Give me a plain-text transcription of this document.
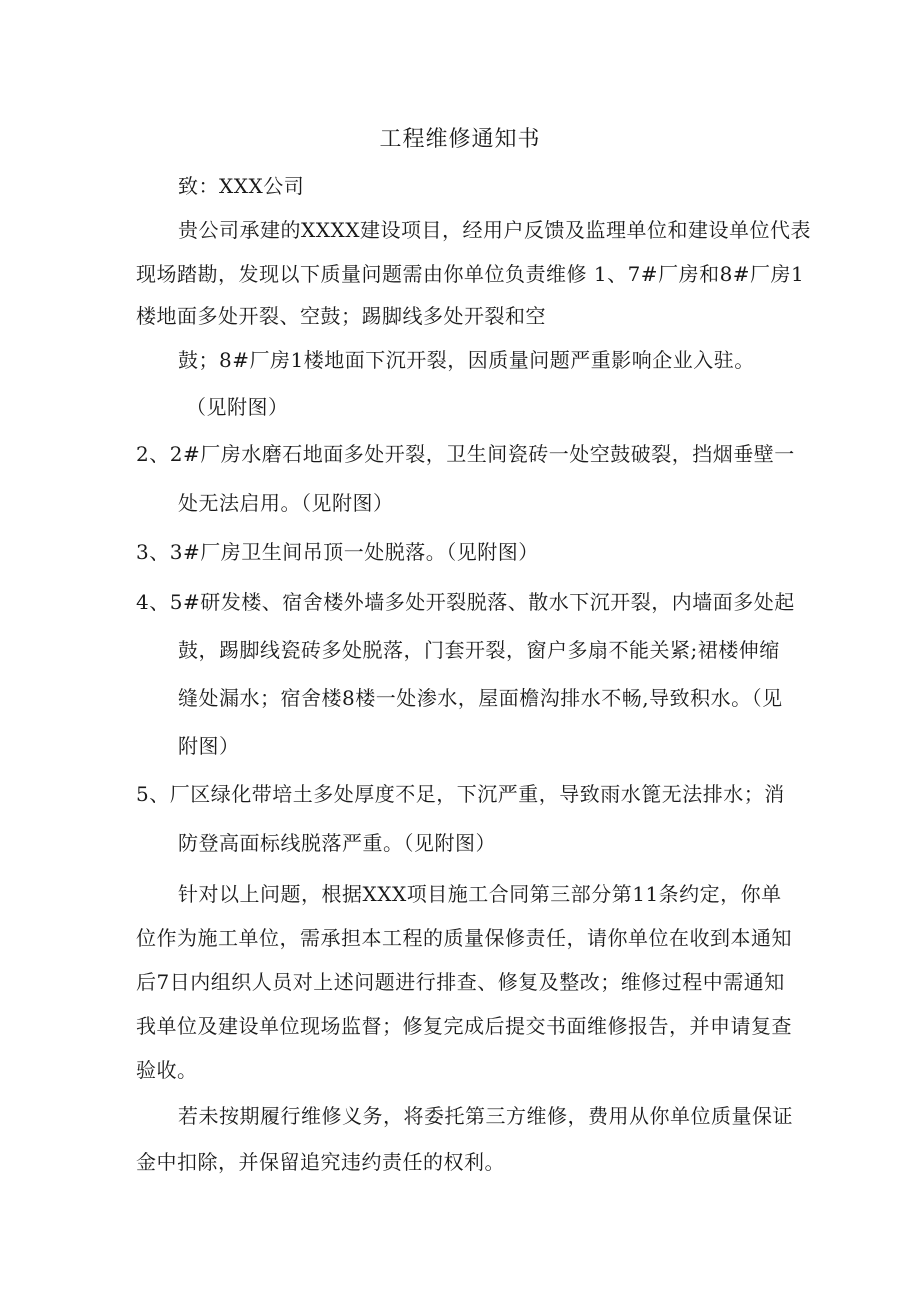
工程维修通知书
致：XXX公司
贵公司承建的XXXX建设项目，经用户反馈及监理单位和建设单位代表
现场踏勘，发现以下质量问题需由你单位负责维修 1、7#厂房和8#厂房1
楼地面多处开裂、空鼓；踢脚线多处开裂和空
鼓；8#厂房1楼地面下沉开裂，因质量问题严重影响企业入驻。
（见附图）
2、2#厂房水磨石地面多处开裂，卫生间瓷砖一处空鼓破裂，挡烟垂壁一
处无法启用。（见附图）
3、3#厂房卫生间吊顶一处脱落。（见附图）
4、5#研发楼、宿舍楼外墙多处开裂脱落、散水下沉开裂，内墙面多处起
鼓，踢脚线瓷砖多处脱落，门套开裂，窗户多扇不能关紧;裙楼伸缩
缝处漏水；宿舍楼8楼一处渗水，屋面檐沟排水不畅,导致积水。（见
附图）
5、厂区绿化带培土多处厚度不足，下沉严重，导致雨水篦无法排水；消
防登高面标线脱落严重。（见附图）
针对以上问题，根据XXX项目施工合同第三部分第11条约定，你单
位作为施工单位，需承担本工程的质量保修责任，请你单位在收到本通知
后7日内组织人员对上述问题进行排查、修复及整改；维修过程中需通知
我单位及建设单位现场监督；修复完成后提交书面维修报告，并申请复查
验收。
若未按期履行维修义务，将委托第三方维修，费用从你单位质量保证
金中扣除，并保留追究违约责任的权利。
